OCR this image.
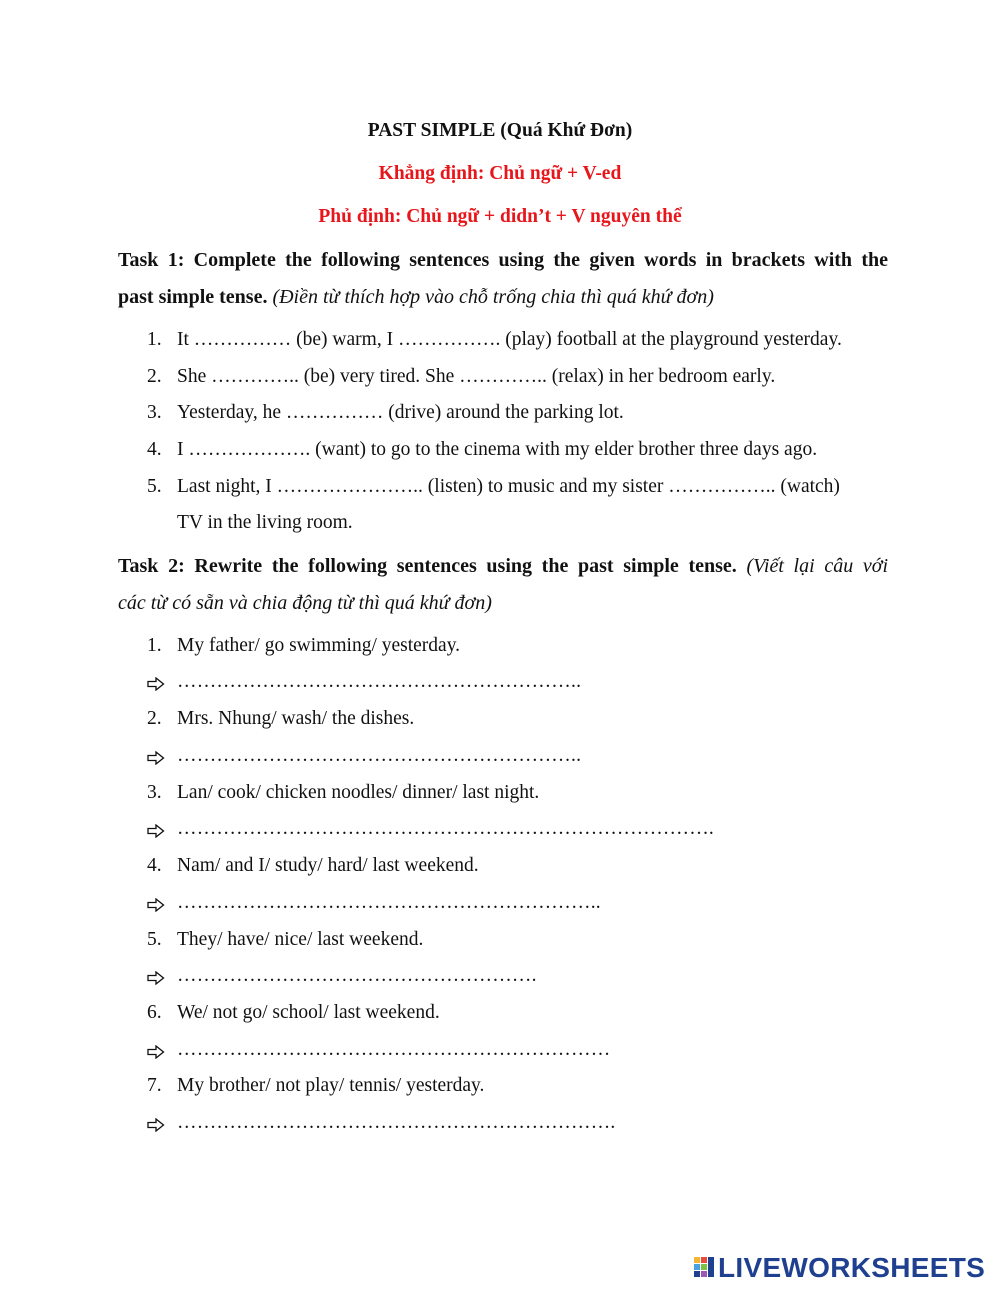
PAST SIMPLE (Quá Khứ Đơn)
Khẳng định: Chủ ngữ + V-ed
Phủ định: Chủ ngữ + didn’t + V nguyên thể
Task 1: Complete the following sentences using the given words in brackets with the
past simple tense. (Điền từ thích hợp vào chỗ trống chia thì quá khứ đơn)
1. It …………… (be) warm, I ……………. (play) football at the playground yesterday.
2. She ………….. (be) very tired. She ………….. (relax) in her bedroom early.
3. Yesterday, he …………… (drive) around the parking lot.
4. I ………………. (want) to go to the cinema with my elder brother three days ago.
5. Last night, I ………………….. (listen) to music and my sister …………….. (watch)
TV in the living room.
Task 2: Rewrite the following sentences using the past simple tense. (Viết lại câu với
các từ có sẵn và chia động từ thì quá khứ đơn)
1. My father/ go swimming/ yesterday.
……………………………………………………..
2. Mrs. Nhung/ wash/ the dishes.
……………………………………………………..
3. Lan/ cook/ chicken noodles/ dinner/ last night.
……………………………………………………………………….
4. Nam/ and I/ study/ hard/ last weekend.
………………………………………………………..
5. They/ have/ nice/ last weekend.
……………………………………………….
6. We/ not go/ school/ last weekend.
…………………………………………………………
7. My brother/ not play/ tennis/ yesterday.
………………………………………………………….
LIVEWORKSHEETS
